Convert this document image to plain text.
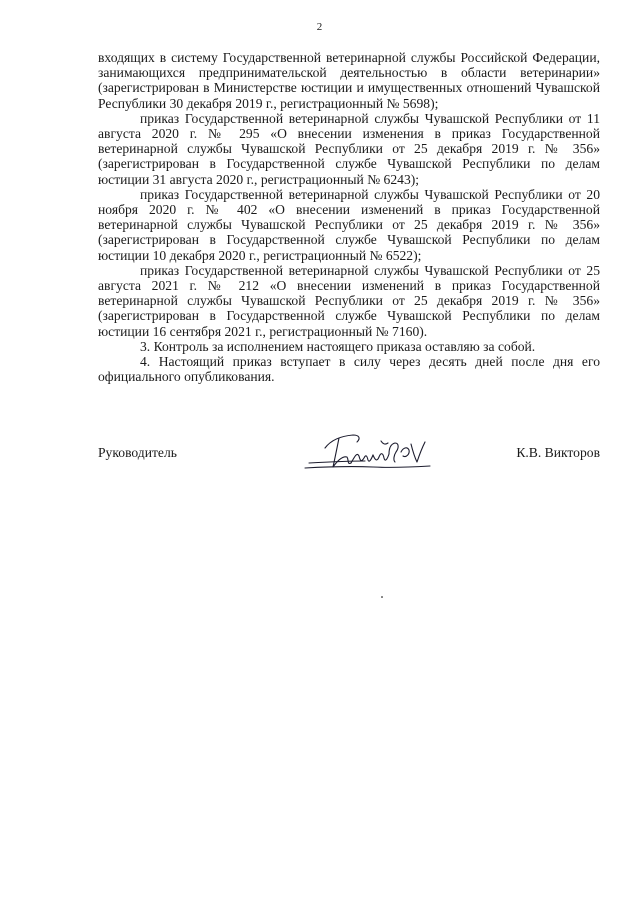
2

входящих в систему Государственной ветеринарной службы Российской Федерации, занимающихся предпринимательской деятельностью в области ветеринарии» (зарегистрирован в Министерстве юстиции и имущественных отношений Чувашской Республики 30 декабря 2019 г., регистрационный № 5698);

приказ Государственной ветеринарной службы Чувашской Республики от 11 августа 2020 г. № 295 «О внесении изменения в приказ Государственной ветеринарной службы Чувашской Республики от 25 декабря 2019 г. № 356» (зарегистрирован в Государственной службе Чувашской Республики по делам юстиции 31 августа 2020 г., регистрационный № 6243);

приказ Государственной ветеринарной службы Чувашской Республики от 20 ноября 2020 г. № 402 «О внесении изменений в приказ Государственной ветеринарной службы Чувашской Республики от 25 декабря 2019 г. № 356» (зарегистрирован в Государственной службе Чувашской Республики по делам юстиции 10 декабря 2020 г., регистрационный № 6522);

приказ Государственной ветеринарной службы Чувашской Республики от 25 августа 2021 г. № 212 «О внесении изменений в приказ Государственной ветеринарной службы Чувашской Республики от 25 декабря 2019 г. № 356» (зарегистрирован в Государственной службе Чувашской Республики по делам юстиции 16 сентября 2021 г., регистрационный № 7160).

3. Контроль за исполнением настоящего приказа оставляю за собой.

4. Настоящий приказ вступает в силу через десять дней после дня его официального опубликования.

Руководитель	К.В. Викторов
